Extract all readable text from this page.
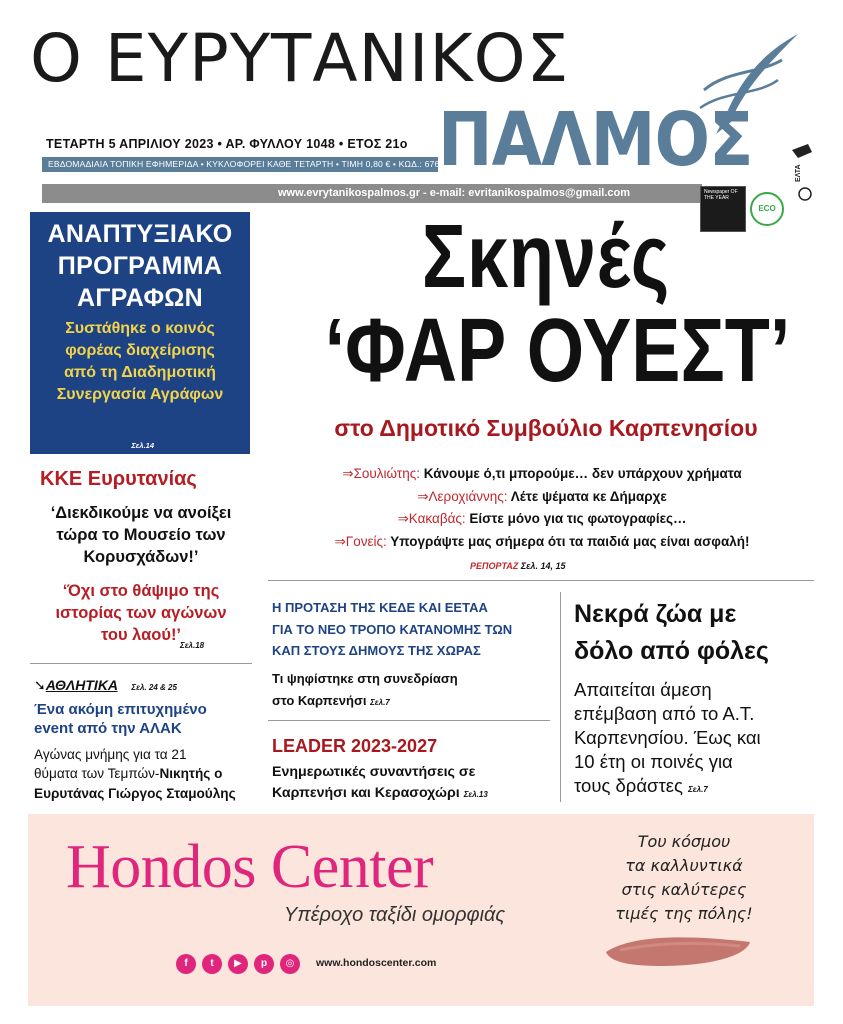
Ο ΕΥΡΥΤΑΝΙΚΟΣ
ΤΕΤΑΡΤΗ 5 ΑΠΡΙΛΙΟΥ 2023 • ΑΡ. ΦΥΛΛΟΥ 1048 • ΕΤΟΣ 21ο ΠΑΛΜΟΣ
ΕΒΔΟΜΑΔΙΑΙΑ ΤΟΠΙΚΗ ΕΦΗΜΕΡΙΔΑ • ΚΥΚΛΟΦΟΡΕΙ ΚΑΘΕ ΤΕΤΑΡΤΗ • ΤΙΜΗ 0,80 € • ΚΩΔ.: 6763
ΕΛΤΑ
www.evrytanikospalmos.gr - e-mail: evritanikospalmos@gmail.com	Newspaper OF THE YEAR
ECO
ΑΝΑΠΤΥΞΙΑΚΟ
ΠΡΟΓΡΑΜΜΑ
ΑΓΡΑΦΩΝ
Συστάθηκε ο κοινός
φορέας διαχείρισης
από τη Διαδημοτική
Συνεργασία Αγράφων
Σελ.14
ΚΚΕ Ευρυτανίας
‘Διεκδικούμε να ανοίξει
τώρα το Μουσείο των
Κορυσχάδων!’
‘Όχι στο θάψιμο της
ιστορίας των αγώνων
του λαού!’
Σελ.18
➘ΑΘΛΗΤΙΚΑ Σελ. 24 & 25
Ένα ακόμη επιτυχημένο
event από την ΑΛΑΚ
Αγώνας μνήμης για τα 21
θύματα των Τεμπών-Νικητής ο
Ευρυτάνας Γιώργος Σταμούλης
Σκηνές
‘ΦΑΡ ΟΥΕΣΤ’
στο Δημοτικό Συμβούλιο Καρπενησίου
⇒Σουλιώτης: Κάνουμε ό,τι μπορούμε… δεν υπάρχουν χρήματα
⇒Λεροχιάννης: Λέτε ψέματα κε Δήμαρχε
⇒Κακαβάς: Είστε μόνο για τις φωτογραφίες…
⇒Γονείς: Υπογράψτε μας σήμερα ότι τα παιδιά μας είναι ασφαλή!
ΡΕΠΟΡΤΑΖ Σελ. 14, 15
Η ΠΡΟΤΑΣΗ ΤΗΣ ΚΕΔΕ ΚΑΙ ΕΕΤΑΑ
ΓΙΑ ΤΟ ΝΕΟ ΤΡΟΠΟ ΚΑΤΑΝΟΜΗΣ ΤΩΝ
ΚΑΠ ΣΤΟΥΣ ΔΗΜΟΥΣ ΤΗΣ ΧΩΡΑΣ
Τι ψηφίστηκε στη συνεδρίαση
στο Καρπενήσι Σελ.7
LEADER 2023-2027
Ενημερωτικές συναντήσεις σε
Καρπενήσι και Κερασοχώρι Σελ.13
Νεκρά ζώα με
δόλο από φόλες
Απαιτείται άμεση
επέμβαση από το Α.Τ.
Καρπενησίου. Έως και
10 έτη οι ποινές για
τους δράστες Σελ.7
Hondos Center
Υπέροχο ταξίδι ομορφιάς
f t ▶ p ◎	www.hondoscenter.com
Του κόσμου
τα καλλυντικά
στις καλύτερες
τιμές της πόλης!
